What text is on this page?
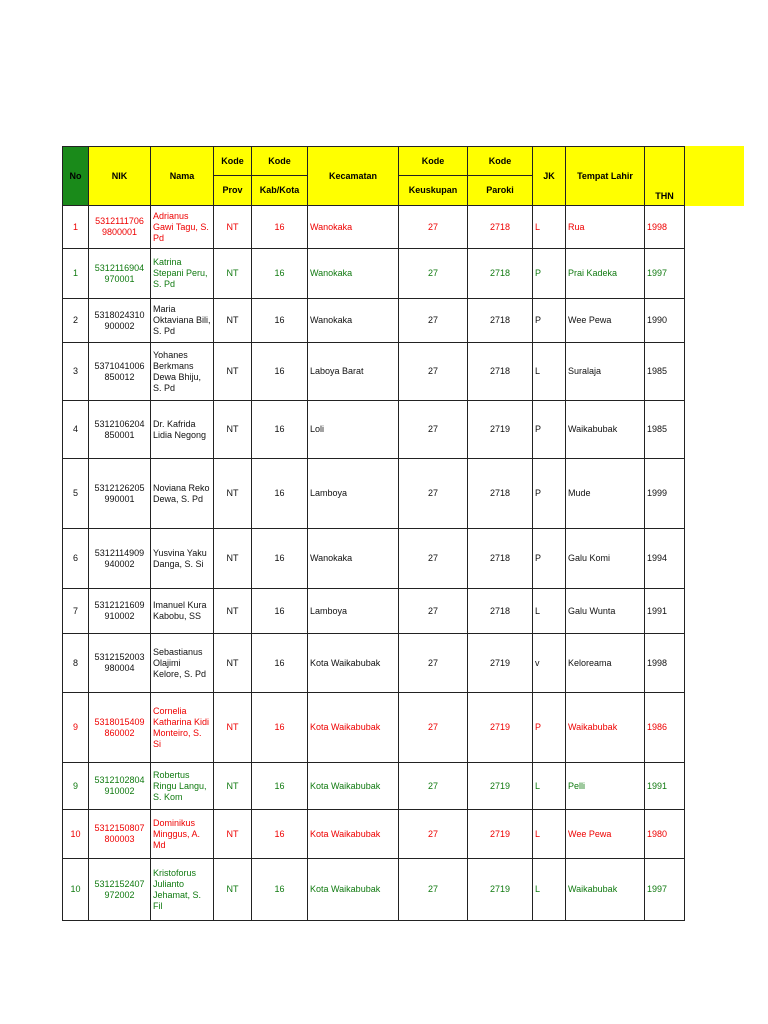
No	NIK	Nama	Kode	Kode	Kecamatan	Kode	Kode	JK	Tempat Lahir	
			Prov	Kab/Kota		Keuskupan	Paroki			THN
1	5312111706 9800001	Adrianus Gawi Tagu, S. Pd	NT	16	Wanokaka	27	2718	L	Rua	1998
1	5312116904 970001	Katrina Stepani Peru, S. Pd	NT	16	Wanokaka	27	2718	P	Prai Kadeka	1997
2	5318024310 900002	Maria Oktaviana Bili, S. Pd	NT	16	Wanokaka	27	2718	P	Wee Pewa	1990
3	5371041006 850012	Yohanes Berkmans Dewa Bhiju, S. Pd	NT	16	Laboya Barat	27	2718	L	Suralaja	1985
4	5312106204 850001	Dr. Kafrida Lidia Negong	NT	16	Loli	27	2719	P	Waikabubak	1985
5	5312126205 990001	Noviana Reko Dewa, S. Pd	NT	16	Lamboya	27	2718	P	Mude	1999
6	5312114909 940002	Yusvina Yaku Danga, S. Si	NT	16	Wanokaka	27	2718	P	Galu Komi	1994
7	5312121609 910002	Imanuel Kura Kabobu, SS	NT	16	Lamboya	27	2718	L	Galu Wunta	1991
8	5312152003 980004	Sebastianus Olajimi Kelore, S. Pd	NT	16	Kota Waikabubak	27	2719	v	Keloreama	1998
9	5318015409 860002	Cornelia Katharina Kidi Monteiro, S. Si	NT	16	Kota Waikabubak	27	2719	P	Waikabubak	1986
9	5312102804 910002	Robertus Ringu Langu, S. Kom	NT	16	Kota Waikabubak	27	2719	L	Pelli	1991
10	5312150807 800003	Dominikus Minggus, A. Md	NT	16	Kota Waikabubak	27	2719	L	Wee Pewa	1980
10	5312152407 972002	Kristoforus Julianto Jehamat, S. Fil	NT	16	Kota Waikabubak	27	2719	L	Waikabubak	1997
